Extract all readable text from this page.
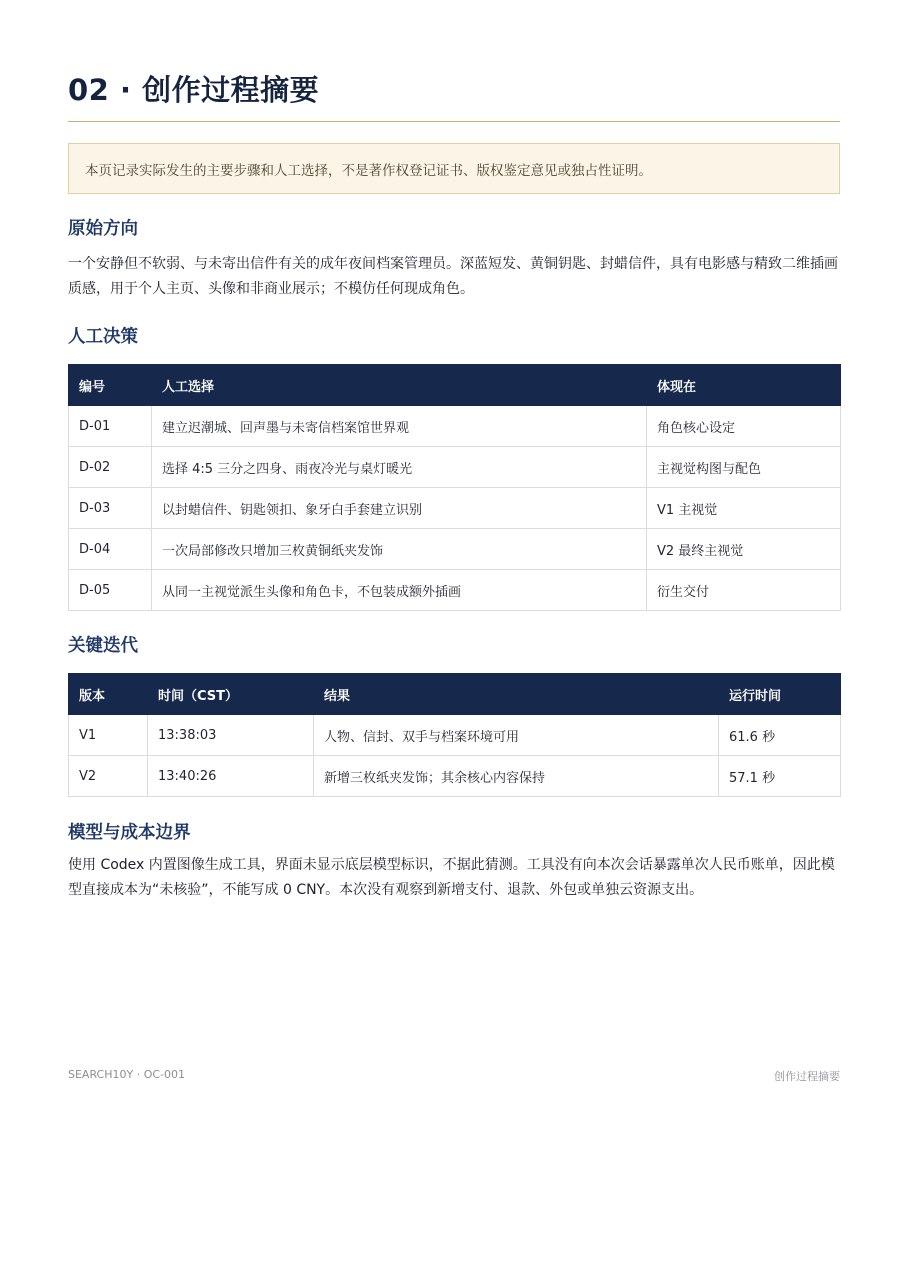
02 · 创作过程摘要
本页记录实际发生的主要步骤和人工选择，不是著作权登记证书、版权鉴定意见或独占性证明。
原始方向

一个安静但不软弱、与未寄出信件有关的成年夜间档案管理员。深蓝短发、黄铜钥匙、封蜡信件，具有电影感与精致二维插画质感，用于个人主页、头像和非商业展示；不模仿任何现成角色。

人工决策
编号	人工选择	体现在
D-01	建立迟潮城、回声墨与未寄信档案馆世界观	角色核心设定
D-02	选择 4:5 三分之四身、雨夜冷光与桌灯暖光	主视觉构图与配色
D-03	以封蜡信件、钥匙领扣、象牙白手套建立识别	V1 主视觉
D-04	一次局部修改只增加三枚黄铜纸夹发饰	V2 最终主视觉
D-05	从同一主视觉派生头像和角色卡，不包装成额外插画	衍生交付
关键迭代
版本	时间（CST）	结果	运行时间
V1	13:38:03	人物、信封、双手与档案环境可用	61.6 秒
V2	13:40:26	新增三枚纸夹发饰；其余核心内容保持	57.1 秒
模型与成本边界

使用 Codex 内置图像生成工具，界面未显示底层模型标识，不据此猜测。工具没有向本次会话暴露单次人民币账单，因此模型直接成本为“未核验”，不能写成 0 CNY。本次没有观察到新增支付、退款、外包或单独云资源支出。

SEARCH10Y · OC-001	创作过程摘要
